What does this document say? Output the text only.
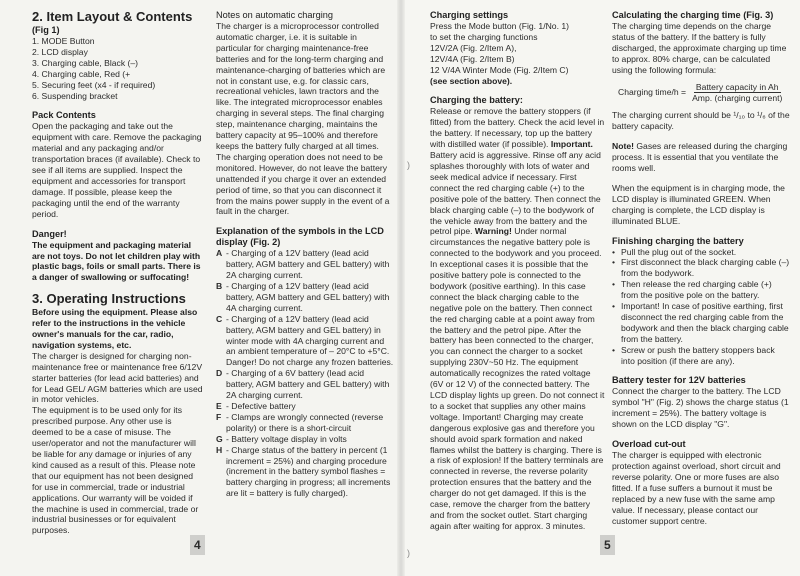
)
)
2. Item Layout & Contents
(Fig 1)
1. MODE Button
2. LCD display
3. Charging cable, Black (–)
4. Charging cable, Red (+
5. Securing feet (x4 - if required)
6. Suspending bracket
Pack Contents

Open the packaging and take out the equipment with care. Remove the packaging material and any packaging and/or transportation braces (if available). Check to see if all items are supplied. Inspect the equipment and accessories for transport damage. If possible, please keep the packaging until the end of the warranty period.

Danger!

The equipment and packaging material are not toys. Do not let children play with plastic bags, foils or small parts. There is a danger of swallowing or suffocating!

3. Operating Instructions

Before using the equipment. Please also refer to the instructions in the vehicle owner's manuals for the car, radio, navigation systems, etc.

The charger is designed for charging non-maintenance free or maintenance free 6/12V starter batteries (for lead acid batteries) and for Lead GEL/ AGM batteries which are used in motor vehicles.

The equipment is to be used only for its prescribed purpose. Any other use is deemed to be a case of misuse. The user/operator and not the manufacturer will be liable for any damage or injuries of any kind caused as a result of this. Please note that our equipment has not been designed for use in commercial, trade or industrial applications. Our warranty will be voided if the machine is used in commercial, trade or industrial businesses or for equivalent purposes.

Notes on automatic charging

The charger is a microprocessor controlled automatic charger, i.e. it is suitable in particular for charging maintenance-free batteries and for the long-term charging and maintenance-charging of batteries which are not in constant use, e.g. for classic cars, recreational vehicles, lawn tractors and the like. The integrated microprocessor enables charging in several steps. The final charging step, maintenance charging, maintains the battery capacity at 95–100% and therefore keeps the battery fully charged at all times. The charging operation does not need to be monitored. However, do not leave the battery unattended if you charge it over an extended period of time, so that you can disconnect it from the mains power supply in the event of a fault in the charger.

Explanation of the symbols in the LCD display (Fig. 2)
A - Charging of a 12V battery (lead acid battery, AGM battery and GEL battery) with 2A charging current.
B - Charging of a 12V battery (lead acid battery, AGM battery and GEL battery) with 4A charging current.
C - Charging of a 12V battery (lead acid battery, AGM battery and GEL battery) in winter mode with 4A charging current and an ambient temperature of – 20°C to +5°C. Danger! Do not charge any frozen batteries.
D - Charging of a 6V battery (lead acid battery, AGM battery and GEL battery) with 2A charging current.
E - Defective battery
F - Clamps are wrongly connected (reverse polarity) or there is a short-circuit
G - Battery voltage display in volts
H - Charge status of the battery in percent (1 increment = 25%) and charging procedure (increment in the battery symbol flashes = battery charging in progress; all increments are lit = battery is fully charged).
4
Charging settings

Press the Mode button (Fig. 1/No. 1)

to set the charging functions

12V/2A (Fig. 2/Item A),

12V/4A (Fig. 2/Item B)

12 V/4A Winter Mode (Fig. 2/Item C)

(see section above).

Charging the battery:

Release or remove the battery stoppers (if fitted) from the battery. Check the acid level in the battery. If necessary, top up the battery with distilled water (if possible). Important. Battery acid is aggressive. Rinse off any acid splashes thoroughly with lots of water and seek medical advice if necessary. First connect the red charging cable (+) to the positive pole of the battery. Then connect the black charging cable (–) to the bodywork of the vehicle away from the battery and the petrol pipe. Warning! Under normal circumstances the negative battery pole is connected to the bodywork and you proceed. In exceptional cases it is possible that the positive battery pole is connected to the bodywork (positive earthing). In this case connect the black charging cable to the negative pole on the battery. Then connect the red charging cable at a point away from the battery and the petrol pipe. After the battery has been connected to the charger, you can connect the charger to a socket supplying 230V~50 Hz. The equipment automatically recognizes the rated voltage (6V or 12 V) of the connected battery. The LCD display lights up green. Do not connect it to a socket that supplies any other mains voltage. Important! Charging may create dangerous explosive gas and therefore you should avoid spark formation and naked flames whilst the battery is charging. There is a risk of explosion! If the battery terminals are connected in reverse, the reverse polarity protection ensures that the battery and the charger do not get damaged. If this is the case, remove the charger from the battery and from the socket outlet. Start charging again after waiting for approx. 3 minutes.

Calculating the charging time (Fig. 3)

The charging time depends on the charge status of the battery. If the battery is fully discharged, the approximate charging up time to approx. 80% charge, can be calculated using the following formula:

Charging time/h = $\frac{\text{Battery capacity in Ah}}{\text{Amp. (charging current)}}$

The charging current should be ¹/₁₀ to ¹/₆ of the battery capacity.

Note! Gases are released during the charging process. It is essential that you ventilate the rooms well.

When the equipment is in charging mode, the LCD display is illuminated GREEN. When charging is complete, the LCD display is illuminated BLUE.

Finishing charging the battery
• Pull the plug out of the socket.
• First disconnect the black charging cable (–) from the bodywork.
• Then release the red charging cable (+) from the positive pole on the battery.
• Important! In case of positive earthing, first disconnect the red charging cable from the bodywork and then the black charging cable from the battery.
• Screw or push the battery stoppers back into position (if there are any).
Battery tester for 12V batteries

Connect the charger to the battery. The LCD symbol "H" (Fig. 2) shows the charge status (1 increment = 25%). The battery voltage is shown on the LCD display "G".

Overload cut-out

The charger is equipped with electronic protection against overload, short circuit and reverse polarity. One or more fuses are also fitted. If a fuse suffers a burnout it must be replaced by a new fuse with the same amp value. If necessary, please contact our customer support centre.

5
